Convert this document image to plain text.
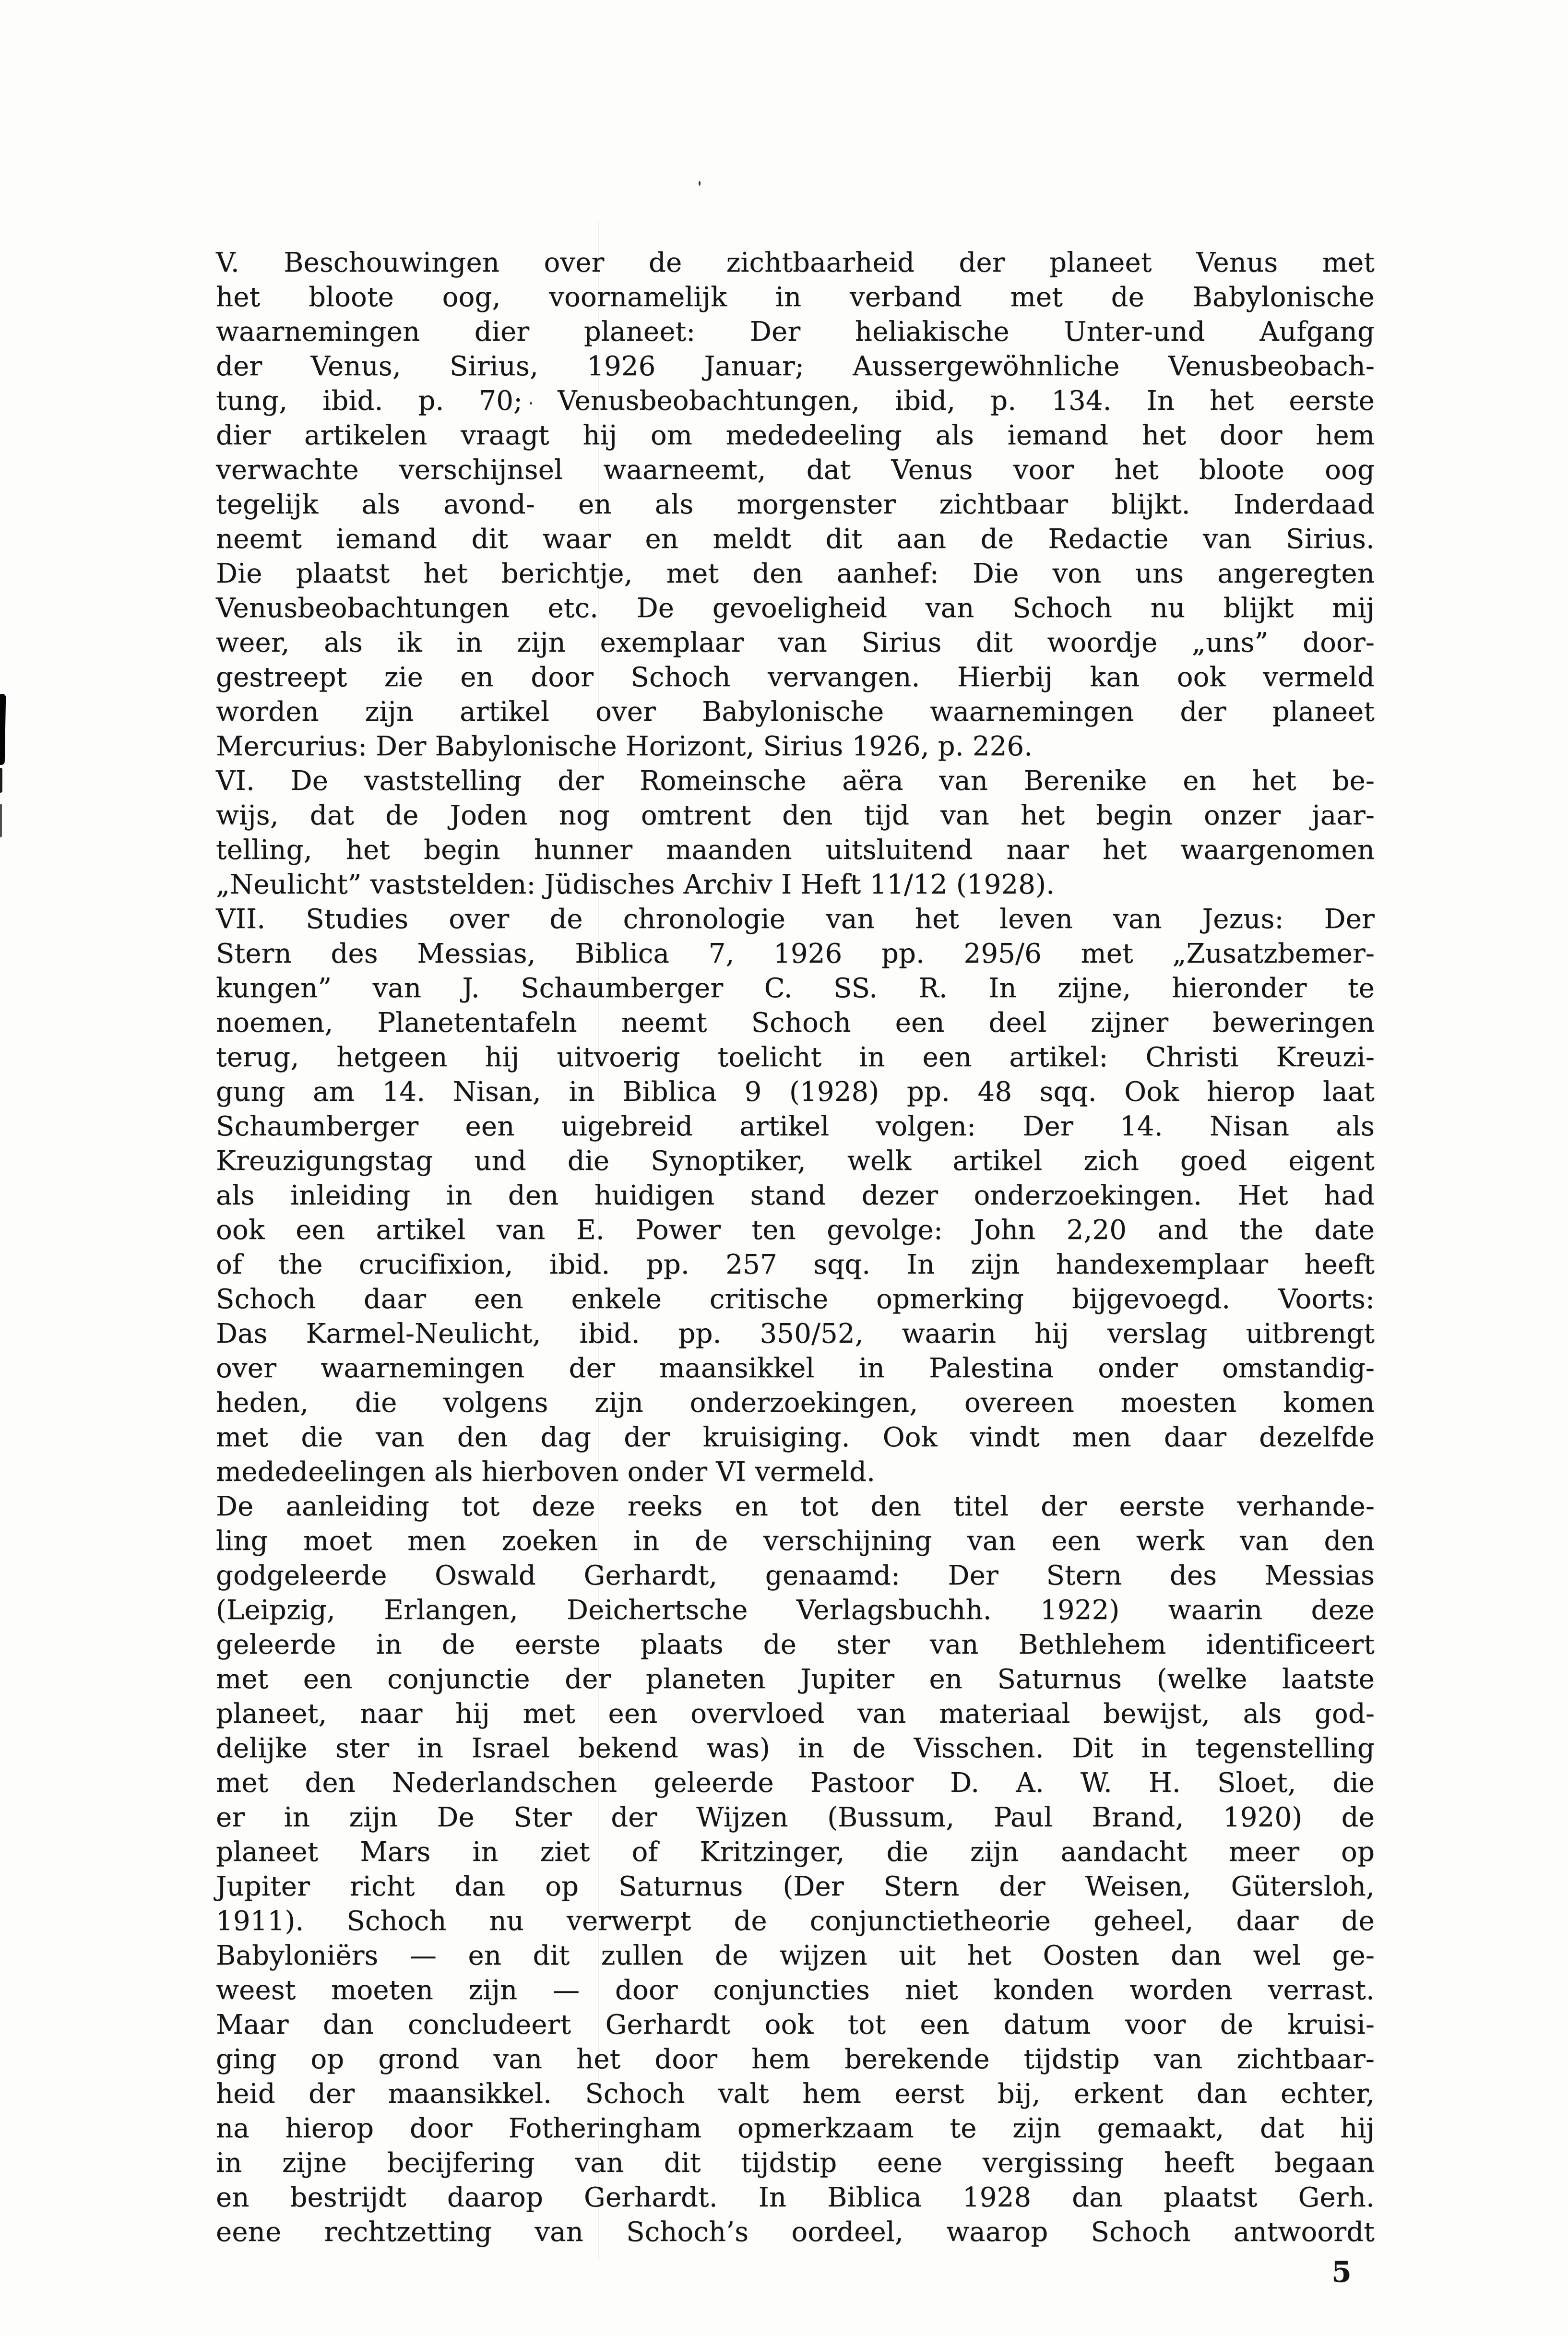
V. Beschouwingen over de zichtbaarheid der planeet Venus met
het bloote oog, voornamelijk in verband met de Babylonische
waarnemingen dier planeet: Der heliakische Unter-und Aufgang
der Venus, Sirius, 1926 Januar; Aussergewöhnliche Venusbeobach-
tung, ibid. p. 70; Venusbeobachtungen, ibid, p. 134. In het eerste
dier artikelen vraagt hij om mededeeling als iemand het door hem
verwachte verschijnsel waarneemt, dat Venus voor het bloote oog
tegelijk als avond- en als morgenster zichtbaar blijkt. Inderdaad
neemt iemand dit waar en meldt dit aan de Redactie van Sirius.
Die plaatst het berichtje, met den aanhef: Die von uns angeregten
Venusbeobachtungen etc. De gevoeligheid van Schoch nu blijkt mij
weer, als ik in zijn exemplaar van Sirius dit woordje „uns” door-
gestreept zie en door Schoch vervangen. Hierbij kan ook vermeld
worden zijn artikel over Babylonische waarnemingen der planeet
Mercurius: Der Babylonische Horizont, Sirius 1926, p. 226.
VI. De vaststelling der Romeinsche aëra van Berenike en het be-
wijs, dat de Joden nog omtrent den tijd van het begin onzer jaar-
telling, het begin hunner maanden uitsluitend naar het waargenomen
„Neulicht” vaststelden: Jüdisches Archiv I Heft 11/12 (1928).
VII. Studies over de chronologie van het leven van Jezus: Der
Stern des Messias, Biblica 7, 1926 pp. 295/6 met „Zusatzbemer-
kungen” van J. Schaumberger C. SS. R. In zijne, hieronder te
noemen, Planetentafeln neemt Schoch een deel zijner beweringen
terug, hetgeen hij uitvoerig toelicht in een artikel: Christi Kreuzi-
gung am 14. Nisan, in Biblica 9 (1928) pp. 48 sqq. Ook hierop laat
Schaumberger een uigebreid artikel volgen: Der 14. Nisan als
Kreuzigungstag und die Synoptiker, welk artikel zich goed eigent
als inleiding in den huidigen stand dezer onderzoekingen. Het had
ook een artikel van E. Power ten gevolge: John 2,20 and the date
of the crucifixion, ibid. pp. 257 sqq. In zijn handexemplaar heeft
Schoch daar een enkele critische opmerking bijgevoegd. Voorts:
Das Karmel-Neulicht, ibid. pp. 350/52, waarin hij verslag uitbrengt
over waarnemingen der maansikkel in Palestina onder omstandig-
heden, die volgens zijn onderzoekingen, overeen moesten komen
met die van den dag der kruisiging. Ook vindt men daar dezelfde
mededeelingen als hierboven onder VI vermeld.
De aanleiding tot deze reeks en tot den titel der eerste verhande-
ling moet men zoeken in de verschijning van een werk van den
godgeleerde Oswald Gerhardt, genaamd: Der Stern des Messias
(Leipzig, Erlangen, Deichertsche Verlagsbuchh. 1922) waarin deze
geleerde in de eerste plaats de ster van Bethlehem identificeert
met een conjunctie der planeten Jupiter en Saturnus (welke laatste
planeet, naar hij met een overvloed van materiaal bewijst, als god-
delijke ster in Israel bekend was) in de Visschen. Dit in tegenstelling
met den Nederlandschen geleerde Pastoor D. A. W. H. Sloet, die
er in zijn De Ster der Wijzen (Bussum, Paul Brand, 1920) de
planeet Mars in ziet of Kritzinger, die zijn aandacht meer op
Jupiter richt dan op Saturnus (Der Stern der Weisen, Gütersloh,
1911). Schoch nu verwerpt de conjunctietheorie geheel, daar de
Babyloniërs — en dit zullen de wijzen uit het Oosten dan wel ge-
weest moeten zijn — door conjuncties niet konden worden verrast.
Maar dan concludeert Gerhardt ook tot een datum voor de kruisi-
ging op grond van het door hem berekende tijdstip van zichtbaar-
heid der maansikkel. Schoch valt hem eerst bij, erkent dan echter,
na hierop door Fotheringham opmerkzaam te zijn gemaakt, dat hij
in zijne becijfering van dit tijdstip eene vergissing heeft begaan
en bestrijdt daarop Gerhardt. In Biblica 1928 dan plaatst Gerh.
eene rechtzetting van Schoch’s oordeel, waarop Schoch antwoordt
5
